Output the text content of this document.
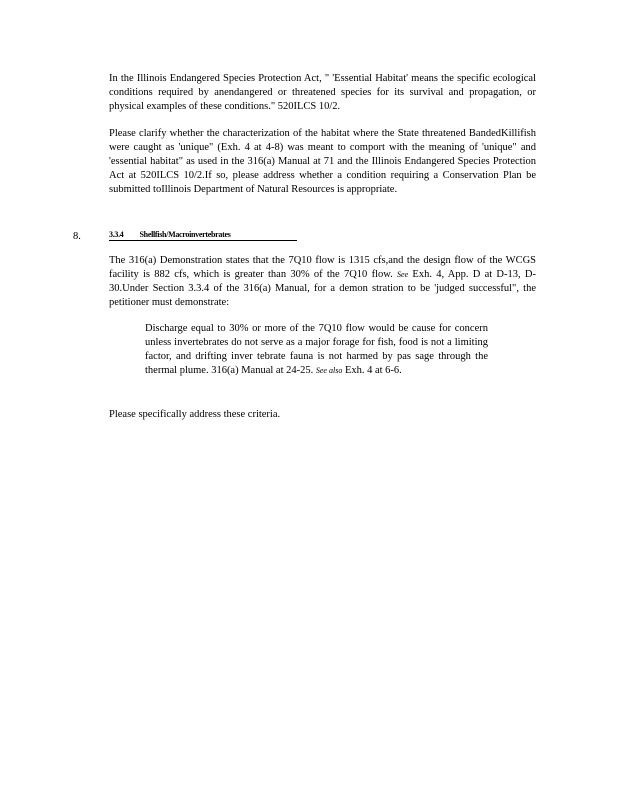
In the Illinois Endangered Species Protection Act, " 'Essential Habitat' means the specific ecological conditions required by anendangered or threatened species for its survival and propagation, or physical examples of these conditions." 520ILCS 10/2.

Please clarify whether the characterization of the habitat where the State threatened BandedKillifish were caught as 'unique" (Exh. 4 at 4-8) was meant to comport with the meaning of 'unique" and 'essential habitat" as used in the 316(a) Manual at 71 and the Illinois Endangered Species Protection Act at 520ILCS 10/2.If so, please address whether a condition requiring a Conservation Plan be submitted toIllinois Department of Natural Resources is appropriate.

8.	3.3.4 Shellfish/Macroinvertebrates

The 316(a) Demonstration states that the 7Q10 flow is 1315 cfs,and the design flow of the WCGS facility is 882 cfs, which is greater than 30% of the 7Q10 flow. See Exh. 4, App. D at D-13, D-30.Under Section 3.3.4 of the 316(a) Manual, for a demon stration to be 'judged successful", the petitioner must demonstrate:

Discharge equal to 30% or more of the 7Q10 flow would be cause for concern unless invertebrates do not serve as a major forage for fish, food is not a limiting factor, and drifting inver tebrate fauna is not harmed by pas sage through the thermal plume. 316(a) Manual at 24-25. See also Exh. 4 at 6-6.

Please specifically address these criteria.
